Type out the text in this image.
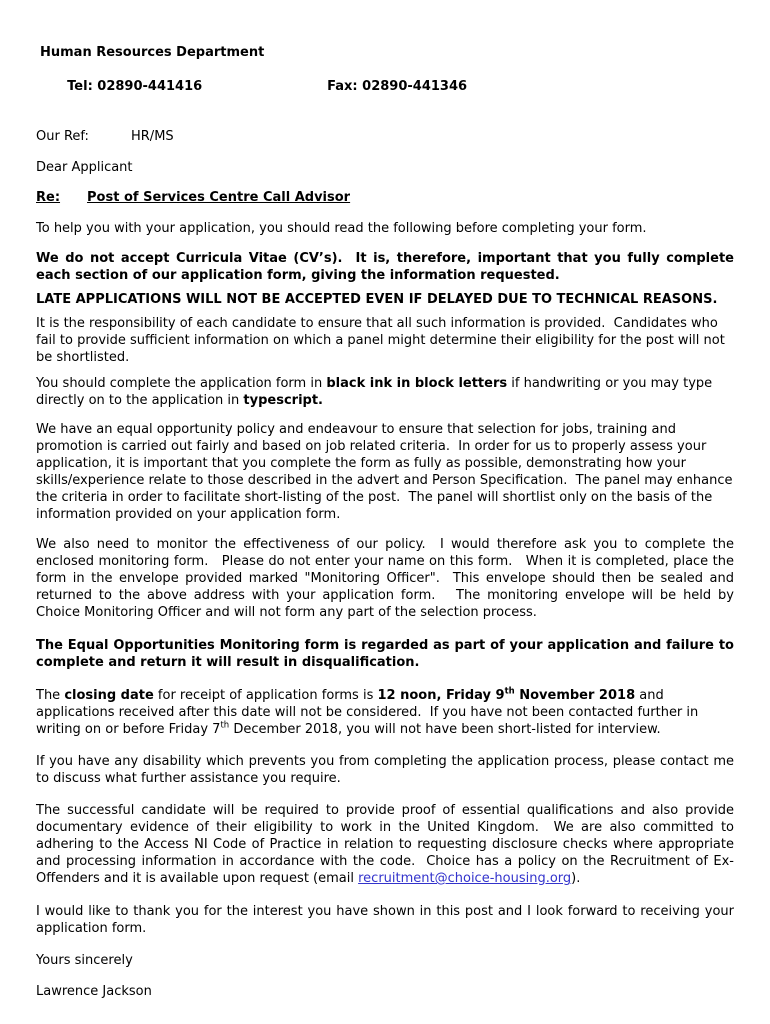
Human Resources Department

Tel: 02890-441416	Fax: 02890-441346

Our Ref:	HR/MS

Dear Applicant

Re: Post of Services Centre Call Advisor

To help you with your application, you should read the following before completing your form.

We do not accept Curricula Vitae (CV’s).  It is, therefore, important that you fully complete each section of our application form, giving the information requested.

LATE APPLICATIONS WILL NOT BE ACCEPTED EVEN IF DELAYED DUE TO TECHNICAL REASONS.

It is the responsibility of each candidate to ensure that all such information is provided.  Candidates who fail to provide sufficient information on which a panel might determine their eligibility for the post will not be shortlisted.

You should complete the application form in black ink in block letters if handwriting or you may type directly on to the application in typescript.

We have an equal opportunity policy and endeavour to ensure that selection for jobs, training and promotion is carried out fairly and based on job related criteria.  In order for us to properly assess your application, it is important that you complete the form as fully as possible, demonstrating how your skills/experience relate to those described in the advert and Person Specification.  The panel may enhance the criteria in order to facilitate short-listing of the post.  The panel will shortlist only on the basis of the information provided on your application form.

We also need to monitor the effectiveness of our policy.  I would therefore ask you to complete the enclosed monitoring form.   Please do not enter your name on this form.   When it is completed, place the form in the envelope provided marked "Monitoring Officer".  This envelope should then be sealed and returned to the above address with your application form.   The monitoring envelope will be held by Choice Monitoring Officer and will not form any part of the selection process.

The Equal Opportunities Monitoring form is regarded as part of your application and failure to complete and return it will result in disqualification.

The closing date for receipt of application forms is 12 noon, Friday 9th November 2018 and applications received after this date will not be considered.  If you have not been contacted further in writing on or before Friday 7th December 2018, you will not have been short-listed for interview.

If you have any disability which prevents you from completing the application process, please contact me to discuss what further assistance you require.

The successful candidate will be required to provide proof of essential qualifications and also provide documentary evidence of their eligibility to work in the United Kingdom.  We are also committed to adhering to the Access NI Code of Practice in relation to requesting disclosure checks where appropriate and processing information in accordance with the code.  Choice has a policy on the Recruitment of Ex-Offenders and it is available upon request (email recruitment@choice-housing.org).

I would like to thank you for the interest you have shown in this post and I look forward to receiving your application form.

Yours sincerely

Lawrence Jackson
